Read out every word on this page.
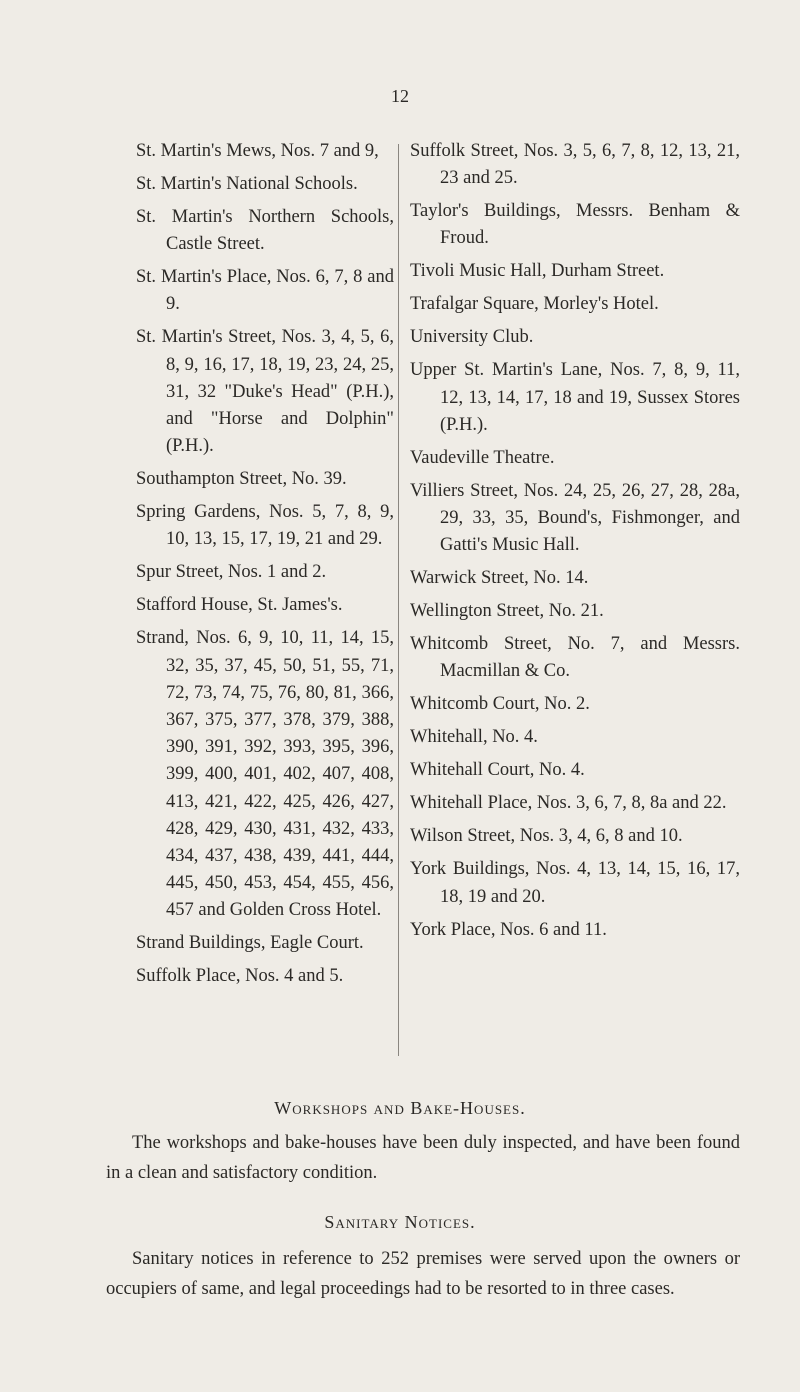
12

St. Martin's Mews, Nos. 7 and 9,

St. Martin's National Schools.

St. Martin's Northern Schools, Castle Street.

St. Martin's Place, Nos. 6, 7, 8 and 9.

St. Martin's Street, Nos. 3, 4, 5, 6, 8, 9, 16, 17, 18, 19, 23, 24, 25, 31, 32 "Duke's Head" (P.H.), and "Horse and Dolphin" (P.H.).

Southampton Street, No. 39.

Spring Gardens, Nos. 5, 7, 8, 9, 10, 13, 15, 17, 19, 21 and 29.

Spur Street, Nos. 1 and 2.

Stafford House, St. James's.

Strand, Nos. 6, 9, 10, 11, 14, 15, 32, 35, 37, 45, 50, 51, 55, 71, 72, 73, 74, 75, 76, 80, 81, 366, 367, 375, 377, 378, 379, 388, 390, 391, 392, 393, 395, 396, 399, 400, 401, 402, 407, 408, 413, 421, 422, 425, 426, 427, 428, 429, 430, 431, 432, 433, 434, 437, 438, 439, 441, 444, 445, 450, 453, 454, 455, 456, 457 and Golden Cross Hotel.

Strand Buildings, Eagle Court.

Suffolk Place, Nos. 4 and 5.

Suffolk Street, Nos. 3, 5, 6, 7, 8, 12, 13, 21, 23 and 25.

Taylor's Buildings, Messrs. Benham & Froud.

Tivoli Music Hall, Durham Street.

Trafalgar Square, Morley's Hotel.

University Club.

Upper St. Martin's Lane, Nos. 7, 8, 9, 11, 12, 13, 14, 17, 18 and 19, Sussex Stores (P.H.).

Vaudeville Theatre.

Villiers Street, Nos. 24, 25, 26, 27, 28, 28a, 29, 33, 35, Bound's, Fishmonger, and Gatti's Music Hall.

Warwick Street, No. 14.

Wellington Street, No. 21.

Whitcomb Street, No. 7, and Messrs. Macmillan & Co.

Whitcomb Court, No. 2.

Whitehall, No. 4.

Whitehall Court, No. 4.

Whitehall Place, Nos. 3, 6, 7, 8, 8a and 22.

Wilson Street, Nos. 3, 4, 6, 8 and 10.

York Buildings, Nos. 4, 13, 14, 15, 16, 17, 18, 19 and 20.

York Place, Nos. 6 and 11.

Workshops and Bake-Houses.

The workshops and bake-houses have been duly inspected, and have been found in a clean and satisfactory condition.

Sanitary Notices.

Sanitary notices in reference to 252 premises were served upon the owners or occupiers of same, and legal proceedings had to be resorted to in three cases.
